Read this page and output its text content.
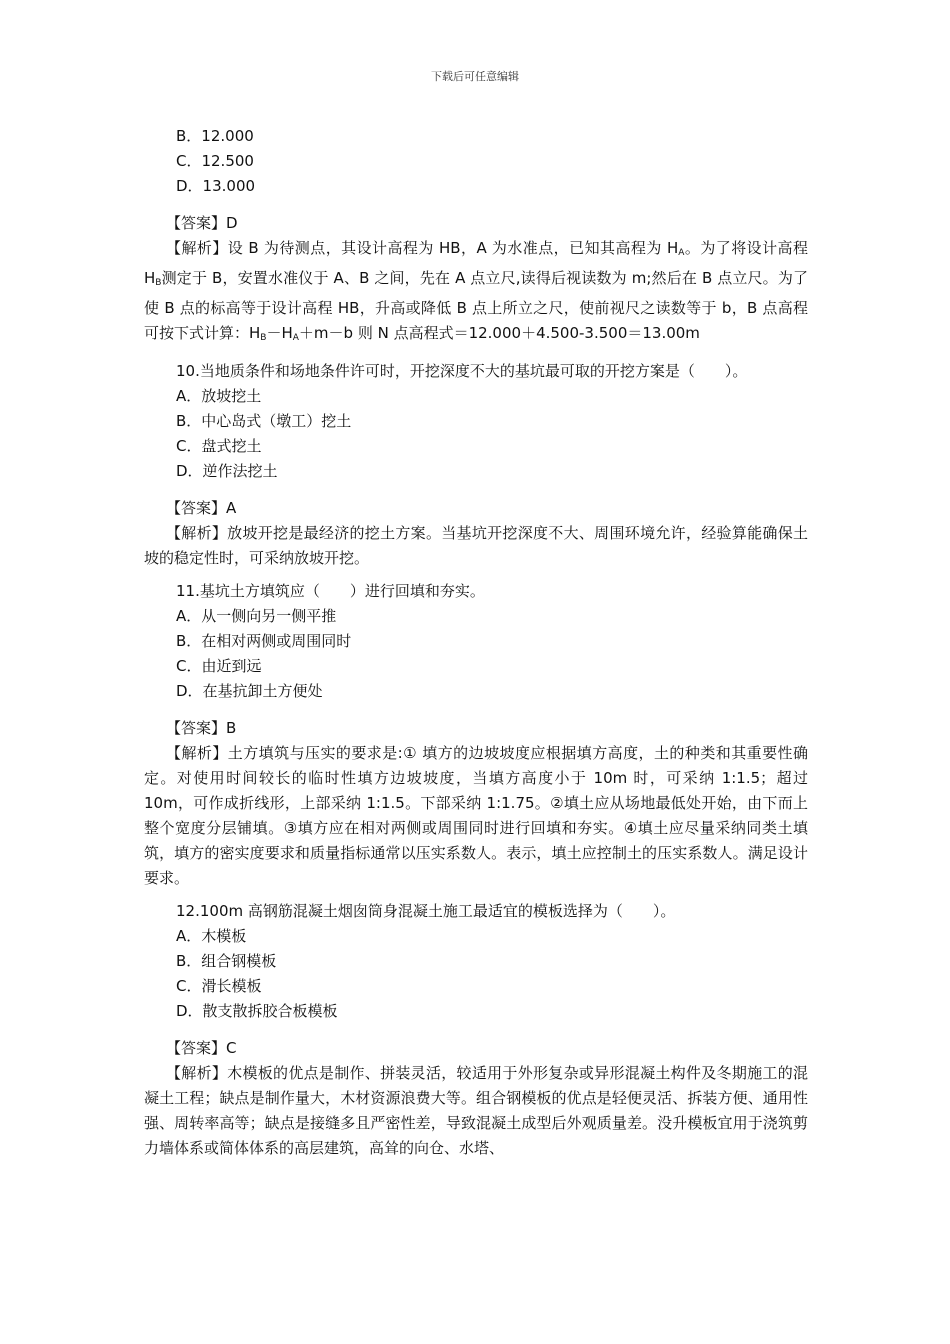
下载后可任意编辑

B．12.000

C．12.500

D．13.000

【答案】D

【解析】设 B 为待测点，其设计高程为 HB，A 为水准点，已知其高程为 $H_A$。为了将设计高程 $H_B$测定于 B，安置水准仪于 A、B 之间，先在 A 点立尺,读得后视读数为 m;然后在 B 点立尺。为了使 B 点的标高等于设计高程 HB，升高或降低 B 点上所立之尺，使前视尺之读数等于 b，B 点高程可按下式计算：$H_B-H_A+m-b$ 则 N 点高程式＝12.000＋4.500-3.500＝13.00m

10.当地质条件和场地条件许可时，开挖深度不大的基坑最可取的开挖方案是（　　）。

A．放坡挖土

B．中心岛式（墩工）挖土

C．盘式挖土

D．逆作法挖土

【答案】A

【解析】放坡开挖是最经济的挖土方案。当基坑开挖深度不大、周围环境允许，经验算能确保土坡的稳定性时，可采纳放坡开挖。

11.基坑土方填筑应（　　）进行回填和夯实。

A．从一侧向另一侧平推

B．在相对两侧或周围同时

C．由近到远

D．在基抗卸土方便处

【答案】B

【解析】土方填筑与压实的要求是:① 填方的边坡坡度应根据填方高度，土的种类和其重要性确定。对使用时间较长的临时性填方边坡坡度，当填方高度小于 10m 时，可采纳 1:1.5；超过 10m，可作成折线形，上部采纳 1:1.5。下部采纳 1:1.75。②填土应从场地最低处开始，由下而上整个宽度分层铺填。③填方应在相对两侧或周围同时进行回填和夯实。④填土应尽量采纳同类土填筑，填方的密实度要求和质量指标通常以压实系数人。表示，填土应控制土的压实系数人。满足设计要求。

12.100m 高钢筋混凝土烟囱筒身混凝土施工最适宜的模板选择为（　　）。

A．木模板

B．组合钢模板

C．滑长模板

D．散支散拆胶合板模板

【答案】C

【解析】木模板的优点是制作、拼装灵活，较适用于外形复杂或异形混凝土构件及冬期施工的混凝土工程；缺点是制作量大，木材资源浪费大等。组合钢模板的优点是轻便灵活、拆装方便、通用性强、周转率高等；缺点是接缝多且严密性差，导致混凝土成型后外观质量差。没升模板宜用于浇筑剪力墙体系或简体体系的高层建筑，高耸的向仓、水塔、
